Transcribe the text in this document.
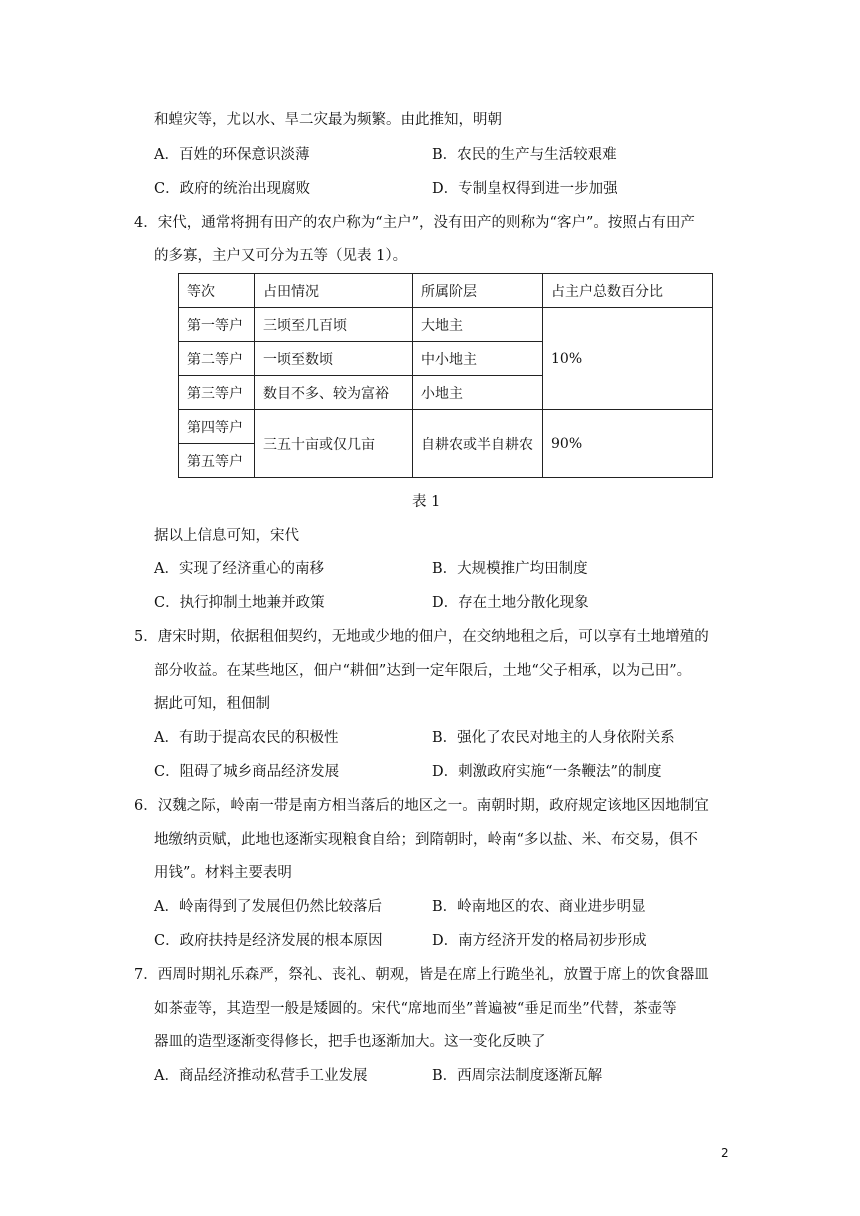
和蝗灾等，尤以水、旱二灾最为频繁。由此推知，明朝
A．百姓的环保意识淡薄	B．农民的生产与生活较艰难
C．政府的统治出现腐败	D．专制皇权得到进一步加强
4．宋代，通常将拥有田产的农户称为“主户”，没有田产的则称为“客户”。按照占有田产
的多寡，主户又可分为五等（见表 1）。
等次	占田情况	所属阶层	占主户总数百分比
第一等户	三顷至几百顷	大地主	10%
第二等户	一顷至数顷	中小地主	
第三等户	数目不多、较为富裕	小地主	
第四等户	三五十亩或仅几亩	自耕农或半自耕农	90%
第五等户			
表 1
据以上信息可知，宋代
A．实现了经济重心的南移	B．大规模推广均田制度
C．执行抑制土地兼并政策	D．存在土地分散化现象
5．唐宋时期，依据租佃契约，无地或少地的佃户，在交纳地租之后，可以享有土地增殖的
部分收益。在某些地区，佃户“耕佃”达到一定年限后，土地“父子相承，以为己田”。
据此可知，租佃制
A．有助于提高农民的积极性	B．强化了农民对地主的人身依附关系
C．阻碍了城乡商品经济发展	D．刺激政府实施“一条鞭法”的制度
6．汉魏之际，岭南一带是南方相当落后的地区之一。南朝时期，政府规定该地区因地制宜
地缴纳贡赋，此地也逐渐实现粮食自给；到隋朝时，岭南“多以盐、米、布交易，俱不
用钱”。材料主要表明
A．岭南得到了发展但仍然比较落后	B．岭南地区的农、商业进步明显
C．政府扶持是经济发展的根本原因	D．南方经济开发的格局初步形成
7．西周时期礼乐森严，祭礼、丧礼、朝观，皆是在席上行跪坐礼，放置于席上的饮食器皿
如茶壶等，其造型一般是矮圆的。宋代“席地而坐”普遍被“垂足而坐”代替，茶壶等
器皿的造型逐渐变得修长，把手也逐渐加大。这一变化反映了
A．商品经济推动私营手工业发展	B．西周宗法制度逐渐瓦解
2
